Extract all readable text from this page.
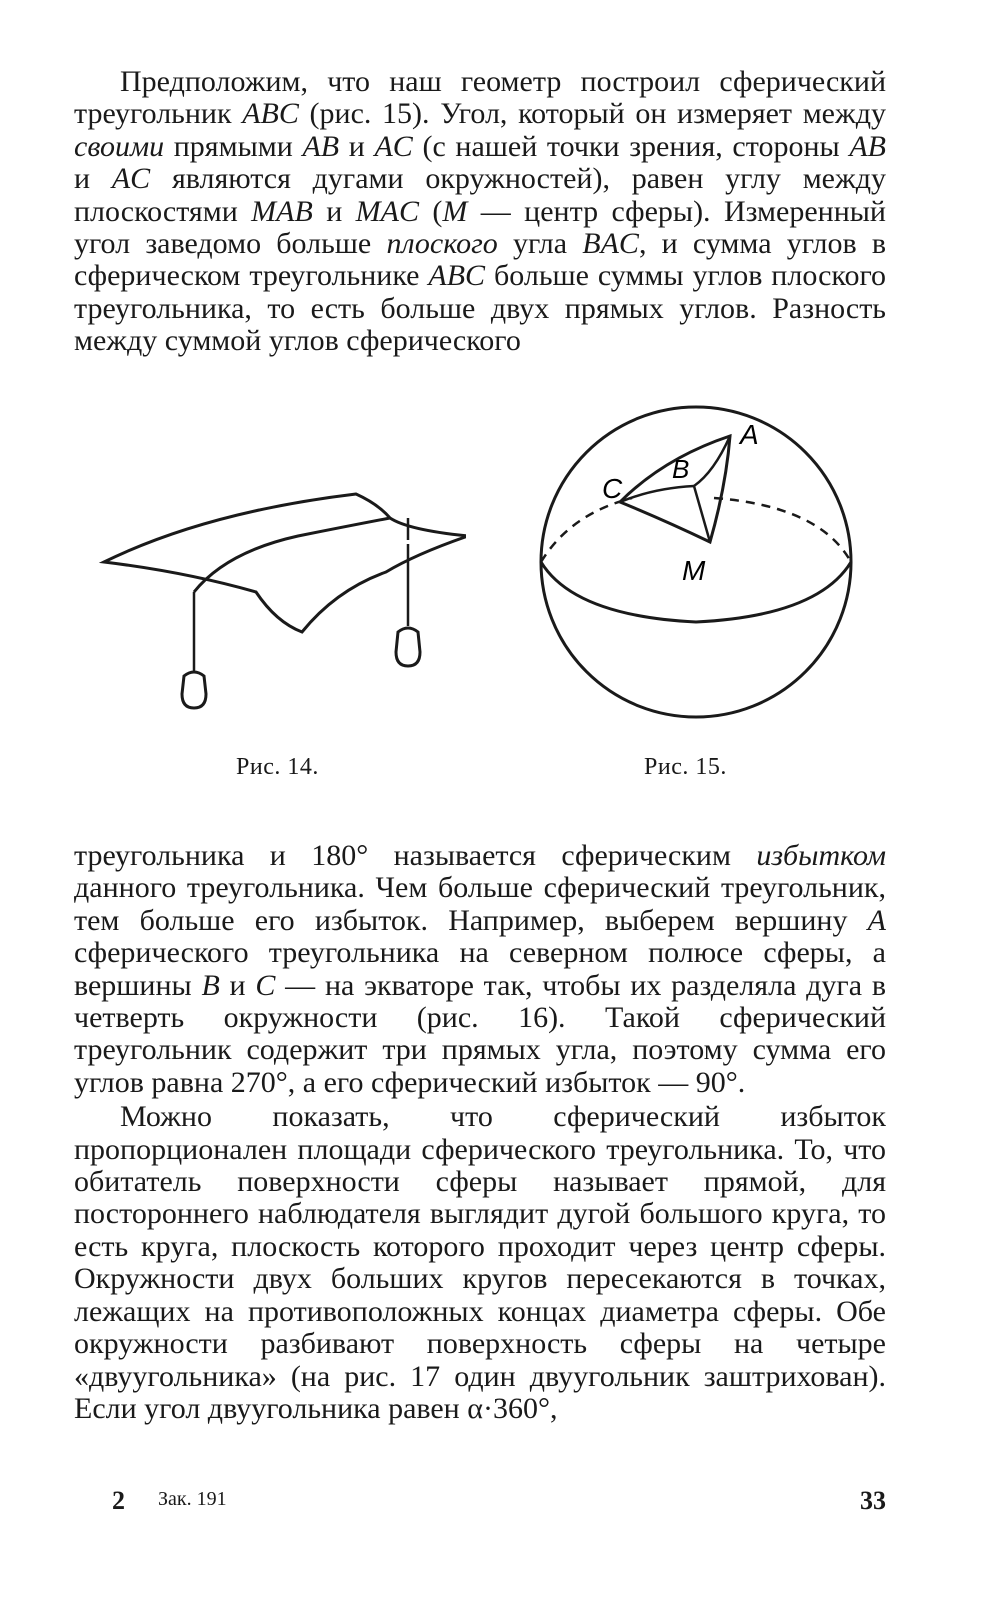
Предположим, что наш геометр построил сферический треугольник ABC (рис. 15). Угол, который он измеряет между своими прямыми AB и AC (с нашей точки зрения, стороны AB и AC являются дугами окружностей), равен углу между плоскостями MAB и MAC (M — центр сферы). Измеренный угол заведомо больше плоского угла BAC, и сумма углов в сферическом треугольнике ABC больше суммы углов плоского треугольника, то есть больше двух прямых углов. Разность между суммой углов сферического

A
B
C
M
Рис. 14.	Рис. 15.

треугольника и 180° называется сферическим избытком данного треугольника. Чем больше сферический треугольник, тем больше его избыток. Например, выберем вершину A сферического треугольника на северном полюсе сферы, а вершины B и C — на экваторе так, чтобы их разделяла дуга в четверть окружности (рис. 16). Такой сферический треугольник содержит три прямых угла, поэтому сумма его углов равна 270°, а его сферический избыток — 90°.

Можно показать, что сферический избыток пропорционален площади сферического треугольника. То, что обитатель поверхности сферы называет прямой, для постороннего наблюдателя выглядит дугой большого круга, то есть круга, плоскость которого проходит через центр сферы. Окружности двух больших кругов пересекаются в точках, лежащих на противоположных концах диаметра сферы. Обе окружности разбивают поверхность сферы на четыре «двуугольника» (на рис. 17 один двуугольник заштрихован). Если угол двуугольника равен α·360°,

2 Зак. 191	33
